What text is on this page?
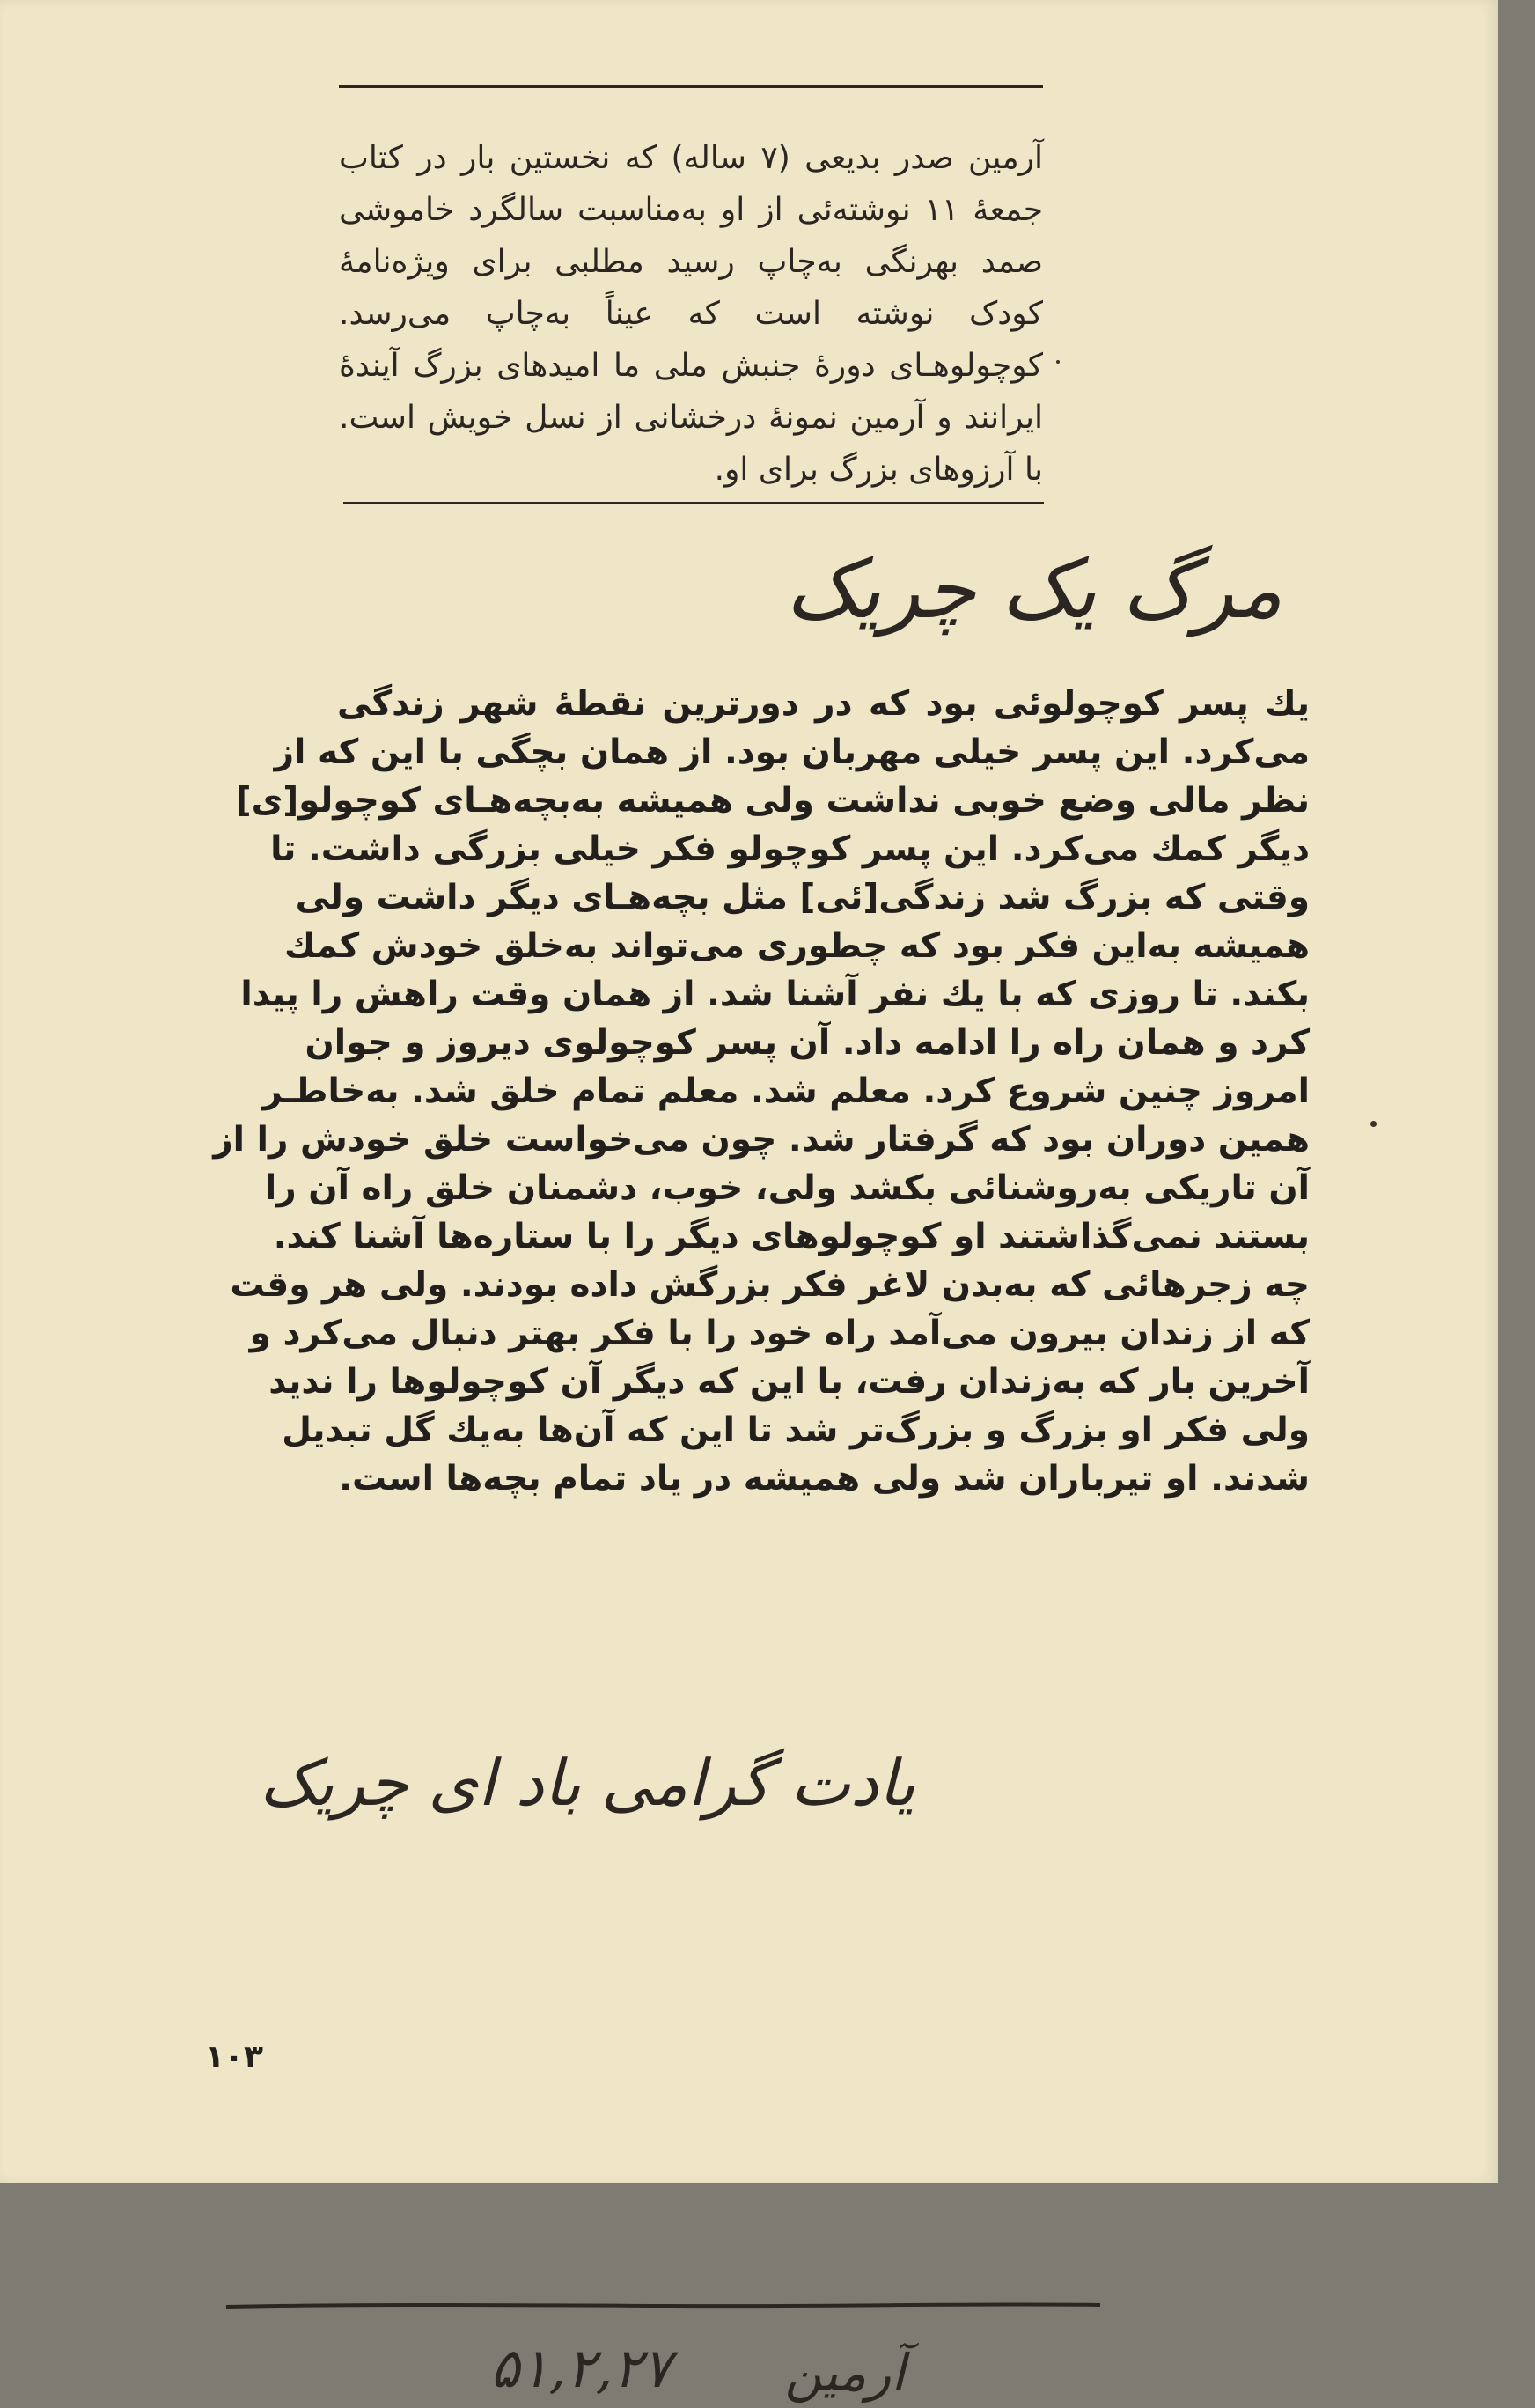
آرمین صدر بدیعی (۷ ساله) که نخستین بار در کتاب جمعهٔ ۱۱ نوشته‌ئی از او به‌مناسبت سالگرد خاموشی صمد بهرنگی به‌چاپ رسید مطلبی برای ویژه‌نامهٔ کودک نوشته است که عیناً به‌چاپ می‌رسد. کوچولوهـای دورهٔ جنبش ملی ما امیدهای بزرگ آیندهٔ ایرانند و آرمین نمونهٔ درخشانی از نسل خویش است. با آرزوهای بزرگ برای او.

مرگ یک چریک
یك پسر کوچولوئی بود که در دورترین نقطهٔ شهر زندگی
می‌کرد. این پسر خیلی مهربان بود. از همان بچگی با این که از
نظر مالی وضع خوبی نداشت ولی همیشه به‌بچه‌هـای کوچولو[ی]
دیگر کمك می‌کرد. این پسر کوچولو فکر خیلی بزرگی داشت. تا
وقتی که بزرگ شد زندگی[ئی] مثل بچه‌هـای دیگر داشت ولی
همیشه به‌این فکر بود که چطوری می‌تواند به‌خلق خودش کمك
بکند. تا روزی که با یك نفر آشنا شد. از همان وقت راهش را پیدا
کرد و همان راه را ادامه داد. آن پسر کوچولوی دیروز و جوان
امروز چنین شروع کرد. معلم شد. معلم تمام خلق شد. به‌خاطـر
همین دوران بود که گرفتار شد. چون می‌خواست خلق خودش را از
آن تاریکی به‌روشنائی بکشد ولی، خوب، دشمنان خلق راه آن را
بستند نمی‌گذاشتند او کوچولوهای دیگر را با ستاره‌ها آشنا کند.
چه زجرهائی که به‌بدن لاغر فکر بزرگش داده بودند. ولی هر وقت
که از زندان بیرون می‌آمد راه خود را با فکر بهتر دنبال می‌کرد و
آخرین بار که به‌زندان رفت، با این که دیگر آن کوچولوها را ندید
ولی فکر او بزرگ و بزرگ‌تر شد تا این که آن‌ها به‌یك گل تبدیل
شدند. او تیرباران شد ولی همیشه در یاد تمام بچه‌ها است.
یادت گرامی باد ای چریک
۵۱,۲,۲۷	آرمین
۱۰۳
